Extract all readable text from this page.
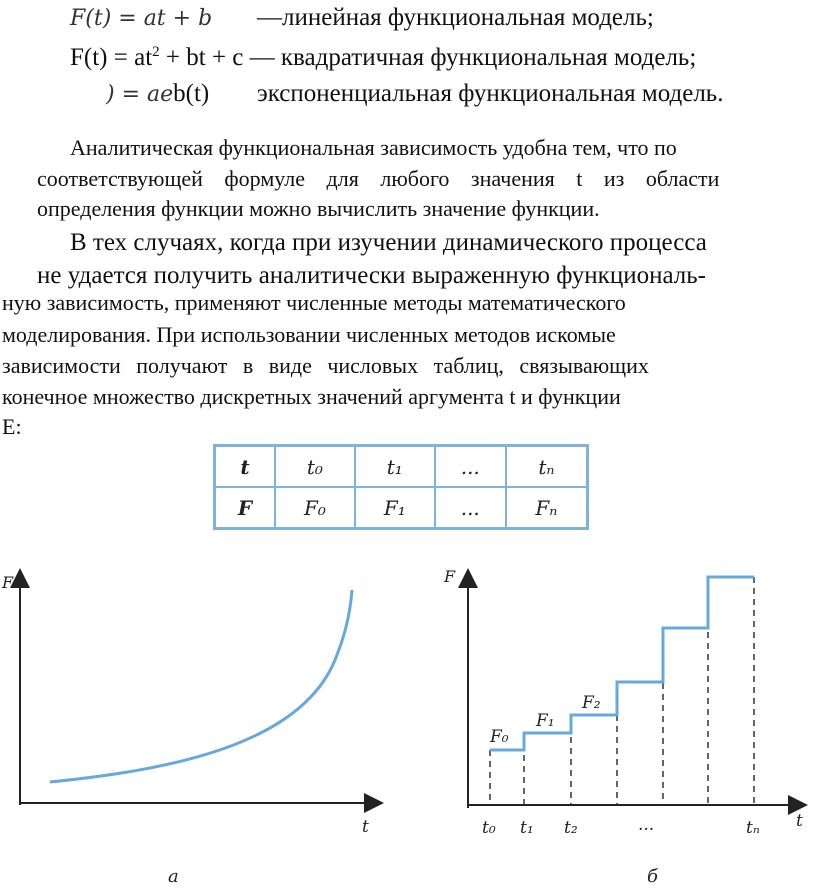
F(t) = at + b —линейная функциональная модель;
$F(t) = at^2$ + bt + c — квадратичная функциональная модель;
) = aeb(t) экспоненциальная функциональная модель.
Аналитическая функциональная зависимость удобна тем, что по
соответствующей формуле для любого значения t из области
определения функции можно вычислить значение функции.
В тех случаях, когда при изучении динамического процесса
не удается получить аналитически выраженную функциональ-
ную зависимость, применяют численные методы математического
моделирования. При использовании численных методов искомые
зависимости получают в виде числовых таблиц, связывающих
конечное множество дискретных значений аргумента t и функции
E:
t	t₀	t₁	...	tₙ
F	F₀	F₁	...	Fₙ
F
t
а
F
t
F₀
F₁
F₂
t₀ t₁ t₂	...	tₙ
б
